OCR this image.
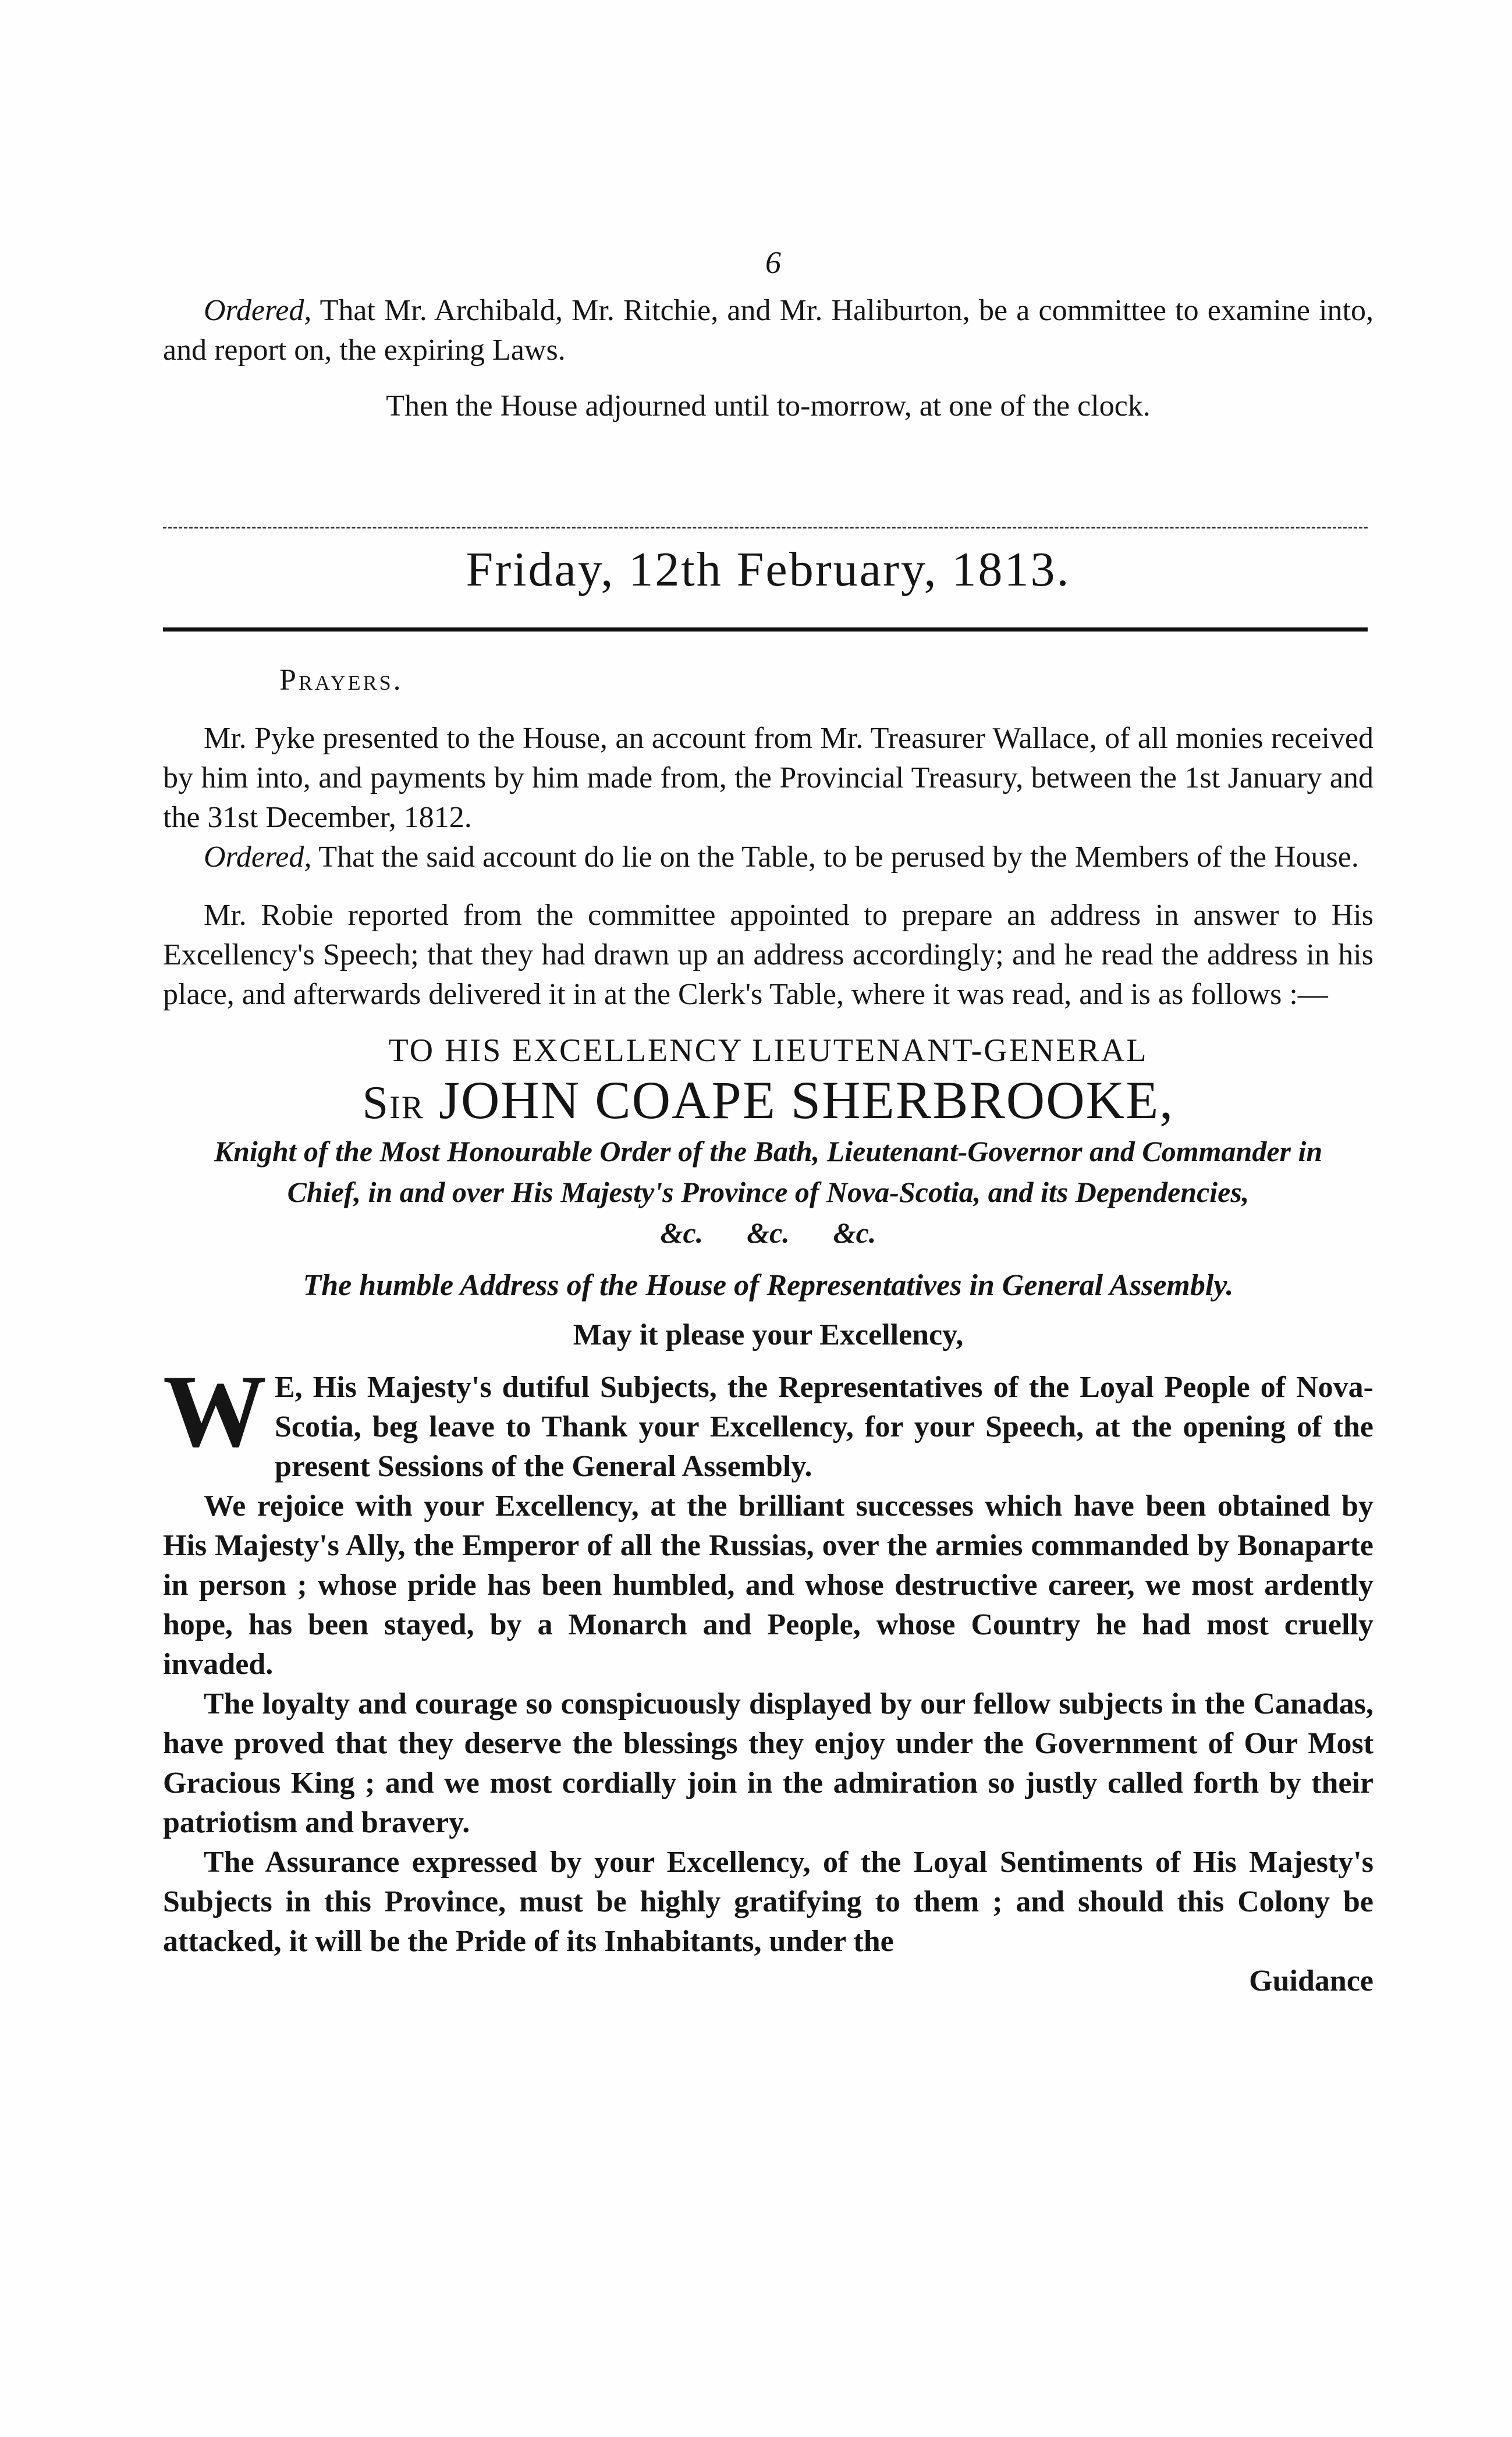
6

Ordered, That Mr. Archibald, Mr. Ritchie, and Mr. Haliburton, be a committee to examine into, and report on, the expiring Laws.

Then the House adjourned until to-morrow, at one of the clock.

Friday, 12th February, 1813.

Prayers.

Mr. Pyke presented to the House, an account from Mr. Treasurer Wallace, of all monies received by him into, and payments by him made from, the Provincial Treasury, between the 1st January and the 31st December, 1812.

Ordered, That the said account do lie on the Table, to be perused by the Members of the House.

Mr. Robie reported from the committee appointed to prepare an address in answer to His Excellency's Speech; that they had drawn up an address accordingly; and he read the address in his place, and afterwards delivered it in at the Clerk's Table, where it was read, and is as follows :—

TO HIS EXCELLENCY LIEUTENANT-GENERAL
Sir JOHN COAPE SHERBROOKE,
Knight of the Most Honourable Order of the Bath, Lieutenant-Governor and Commander in Chief, in and over His Majesty's Province of Nova-Scotia, and its Dependencies,
&c.      &c.      &c.
The humble Address of the House of Representatives in General Assembly.
May it please your Excellency,

W E, His Majesty's dutiful Subjects, the Representatives of the Loyal People of Nova-Scotia, beg leave to Thank your Excellency, for your Speech, at the opening of the present Sessions of the General Assembly.

We rejoice with your Excellency, at the brilliant successes which have been obtained by His Majesty's Ally, the Emperor of all the Russias, over the armies commanded by Bonaparte in person ; whose pride has been humbled, and whose destructive career, we most ardently hope, has been stayed, by a Monarch and People, whose Country he had most cruelly invaded.

The loyalty and courage so conspicuously displayed by our fellow subjects in the Canadas, have proved that they deserve the blessings they enjoy under the Government of Our Most Gracious King ; and we most cordially join in the admiration so justly called forth by their patriotism and bravery.

The Assurance expressed by your Excellency, of the Loyal Sentiments of His Majesty's Subjects in this Province, must be highly gratifying to them ; and should this Colony be attacked, it will be the Pride of its Inhabitants, under the

Guidance
